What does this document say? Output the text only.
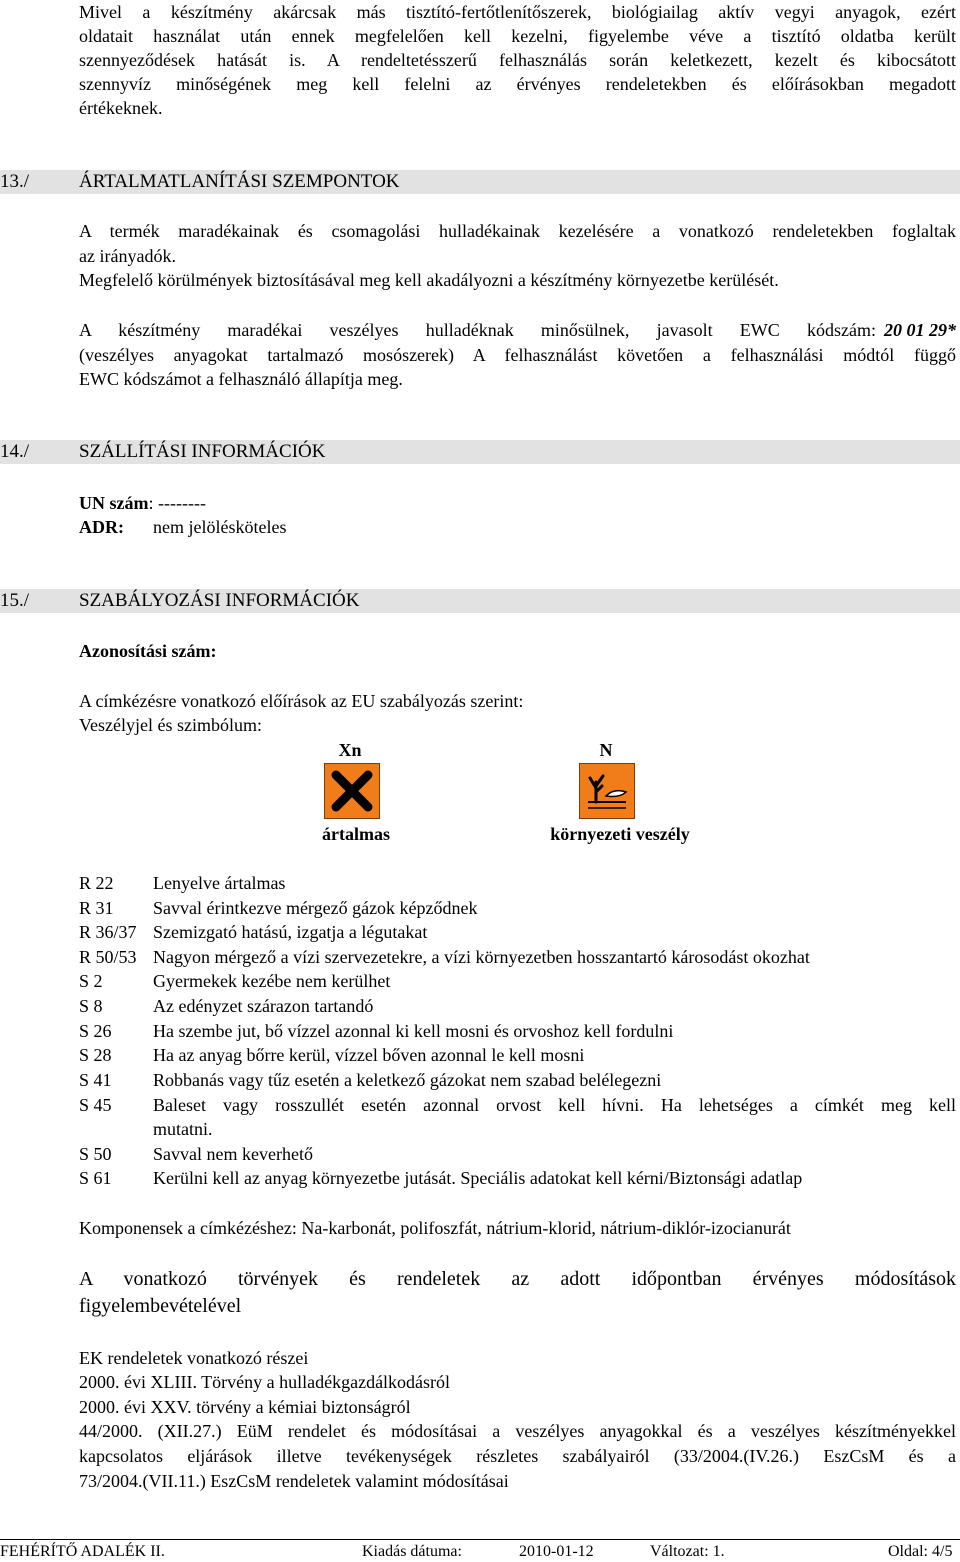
Mivel a készítmény akárcsak más tisztító-fertőtlenítőszerek, biológiailag aktív vegyi anyagok, ezért
oldatait használat után ennek megfelelően kell kezelni, figyelembe véve a tisztító oldatba került
szennyeződések hatását is. A rendeltetésszerű felhasználás során keletkezett, kezelt és kibocsátott
szennyvíz minőségének meg kell felelni az érvényes rendeletekben és előírásokban megadott
értékeknek.
13./	ÁRTALMATLANÍTÁSI SZEMPONTOK
A termék maradékainak és csomagolási hulladékainak kezelésére a vonatkozó rendeletekben foglaltak
az irányadók.
Megfelelő körülmények biztosításával meg kell akadályozni a készítmény környezetbe kerülését.
A készítmény maradékai veszélyes hulladéknak minősülnek, javasolt EWC kódszám: 20 01 29*
(veszélyes anyagokat tartalmazó mosószerek) A felhasználást követően a felhasználási módtól függő
EWC kódszámot a felhasználó állapítja meg.
14./	SZÁLLÍTÁSI INFORMÁCIÓK
UN szám: --------
ADR: nem jelölésköteles
15./	SZABÁLYOZÁSI INFORMÁCIÓK
Azonosítási szám:
A címkézésre vonatkozó előírások az EU szabályozás szerint:
Veszélyjel és szimbólum:
Xn	N
ártalmas	környezeti veszély
R 22 Lenyelve ártalmas
R 31 Savval érintkezve mérgező gázok képződnek
R 36/37 Szemizgató hatású, izgatja a légutakat
R 50/53 Nagyon mérgező a vízi szervezetekre, a vízi környezetben hosszantartó károsodást okozhat
S 2	Gyermekek kezébe nem kerülhet
S 8	Az edényzet szárazon tartandó
S 26 Ha szembe jut, bő vízzel azonnal ki kell mosni és orvoshoz kell fordulni
S 28 Ha az anyag bőrre kerül, vízzel bőven azonnal le kell mosni
S 41 Robbanás vagy tűz esetén a keletkező gázokat nem szabad belélegezni
S 45 Baleset vagy rosszullét esetén azonnal orvost kell hívni. Ha lehetséges a címkét meg kell
mutatni.
S 50 Savval nem keverhető
S 61 Kerülni kell az anyag környezetbe jutását. Speciális adatokat kell kérni/Biztonsági adatlap
Komponensek a címkézéshez: Na-karbonát, polifoszfát, nátrium-klorid, nátrium-diklór-izocianurát
A vonatkozó törvények és rendeletek az adott időpontban érvényes módosítások
figyelembevételével
EK rendeletek vonatkozó részei
2000. évi XLIII. Törvény a hulladékgazdálkodásról
2000. évi XXV. törvény a kémiai biztonságról
44/2000. (XII.27.) EüM rendelet és módosításai a veszélyes anyagokkal és a veszélyes készítményekkel
kapcsolatos eljárások illetve tevékenységek részletes szabályairól (33/2004.(IV.26.) EszCsM és a
73/2004.(VII.11.) EszCsM rendeletek valamint módosításai
FEHÉRÍTŐ ADALÉK II.	Kiadás dátuma:	2010-01-12	Változat: 1.	Oldal: 4/5
